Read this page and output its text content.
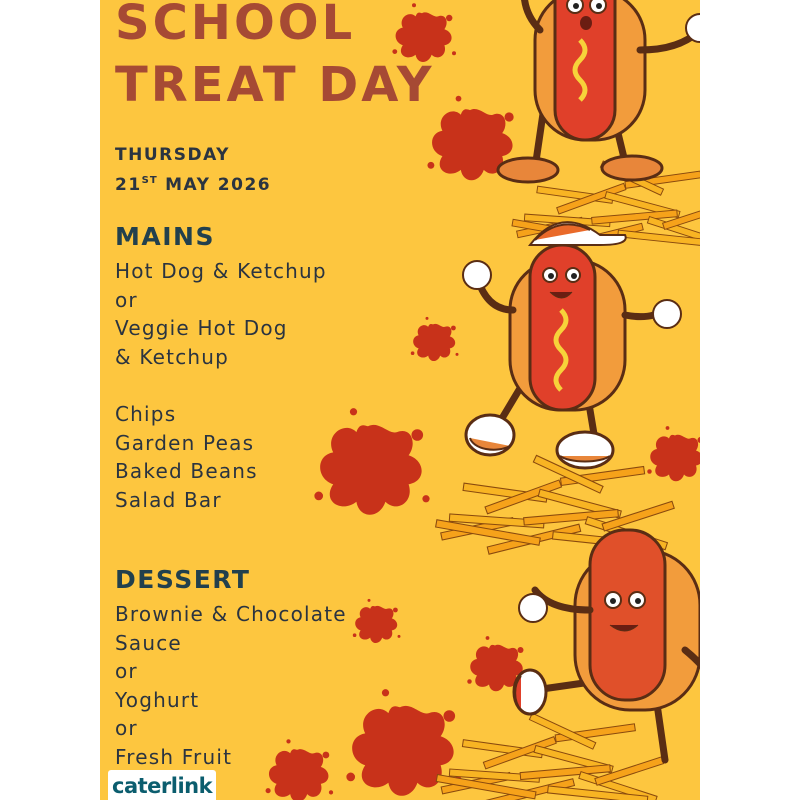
SCHOOL
TREAT DAY
THURSDAY
21ST MAY 2026
MAINS
Hot Dog & Ketchup
or
Veggie Hot Dog
& Ketchup
Chips
Garden Peas
Baked Beans
Salad Bar
DESSERT
Brownie & Chocolate
Sauce
or
Yoghurt
or
Fresh Fruit
caterlink
